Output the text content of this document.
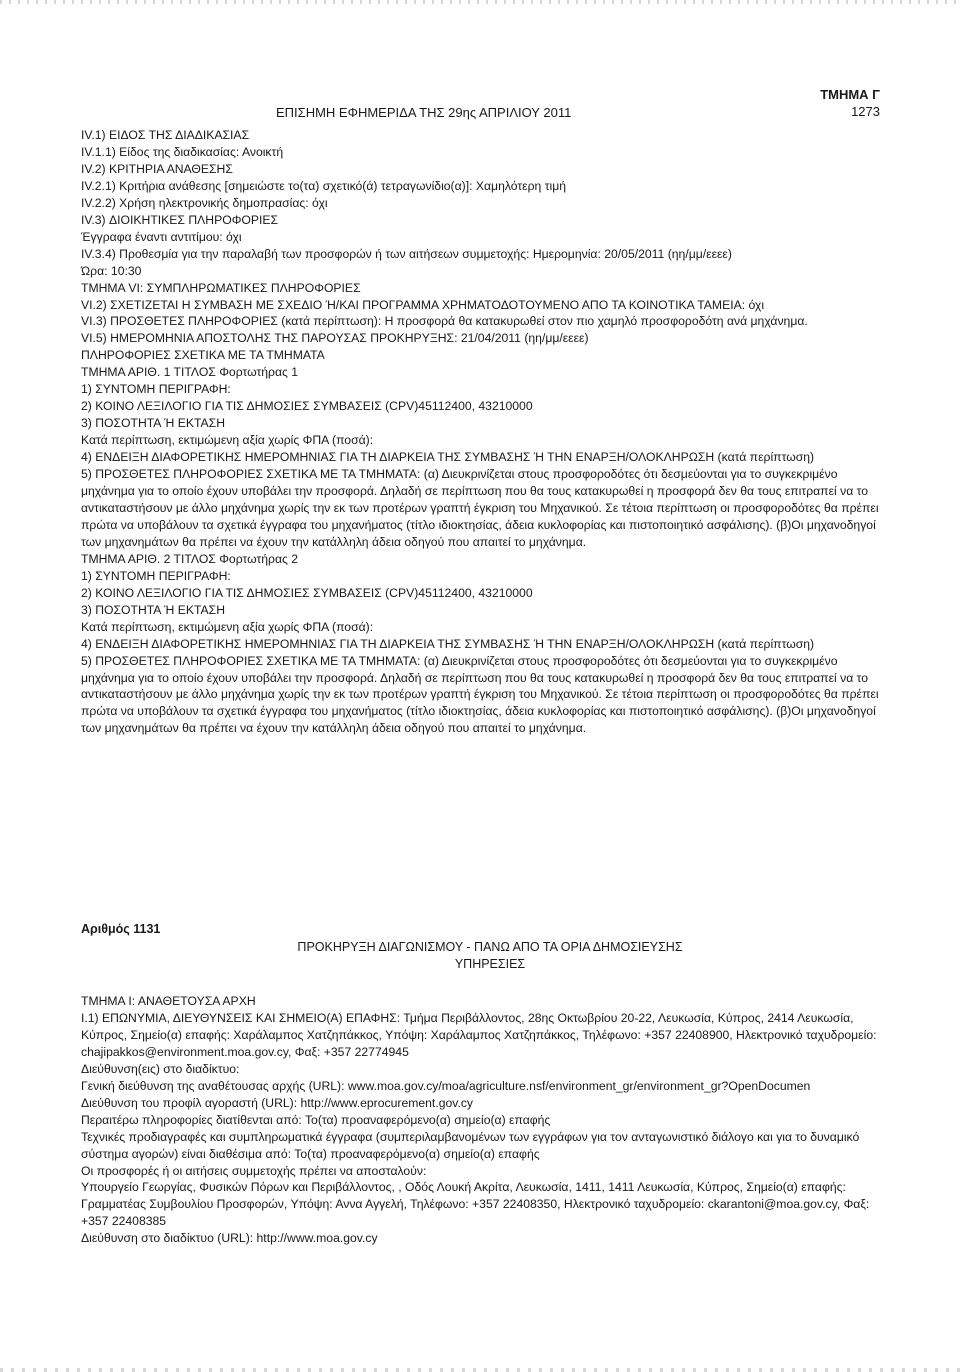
ΤΜΗΜΑ Γ
1273
ΕΠΙΣΗΜΗ ΕΦΗΜΕΡΙΔΑ ΤΗΣ 29ης ΑΠΡΙΛΙΟΥ 2011
IV.1) ΕΙΔΟΣ ΤΗΣ ΔΙΑΔΙΚΑΣΙΑΣ
IV.1.1) Είδος της διαδικασίας: Ανοικτή
IV.2) ΚΡΙΤΗΡΙΑ ΑΝΑΘΕΣΗΣ
IV.2.1) Κριτήρια ανάθεσης [σημειώστε το(τα) σχετικό(ά) τετραγωνίδιο(α)]: Χαμηλότερη τιμή
IV.2.2) Χρήση ηλεκτρονικής δημοπρασίας: όχι
IV.3) ΔΙΟΙΚΗΤΙΚΕΣ ΠΛΗΡΟΦΟΡΙΕΣ
Έγγραφα έναντι αντιτίμου: όχι
IV.3.4) Προθεσμία για την παραλαβή των προσφορών ή των αιτήσεων συμμετοχής: Ημερομηνία: 20/05/2011 (ηη/μμ/εεεε)
Ώρα: 10:30
ΤΜΗΜΑ VI: ΣΥΜΠΛΗΡΩΜΑΤΙΚΕΣ ΠΛΗΡΟΦΟΡΙΕΣ
VI.2) ΣΧΕΤΙΖΕΤΑΙ Η ΣΥΜΒΑΣΗ ΜΕ ΣΧΕΔΙΟ Ή/ΚΑΙ ΠΡΟΓΡΑΜΜΑ ΧΡΗΜΑΤΟΔΟΤΟΥΜΕΝΟ ΑΠΟ ΤΑ ΚΟΙΝΟΤΙΚΑ ΤΑΜΕΙΑ: όχι
VI.3) ΠΡΟΣΘΕΤΕΣ ΠΛΗΡΟΦΟΡΙΕΣ (κατά περίπτωση): Η προσφορά θα κατακυρωθεί στον πιο χαμηλό προσφοροδότη ανά μηχάνημα.
VI.5) ΗΜΕΡΟΜΗΝΙΑ ΑΠΟΣΤΟΛΗΣ ΤΗΣ ΠΑΡΟΥΣΑΣ ΠΡΟΚΗΡΥΞΗΣ: 21/04/2011 (ηη/μμ/εεεε)
ΠΛΗΡΟΦΟΡΙΕΣ ΣΧΕΤΙΚΑ ΜΕ ΤΑ ΤΜΗΜΑΤΑ
ΤΜΗΜΑ ΑΡΙΘ. 1 ΤΙΤΛΟΣ Φορτωτήρας 1
1) ΣΥΝΤΟΜΗ ΠΕΡΙΓΡΑΦΗ:
2) ΚΟΙΝΟ ΛΕΞΙΛΟΓΙΟ ΓΙΑ ΤΙΣ ΔΗΜΟΣΙΕΣ ΣΥΜΒΑΣΕΙΣ (CPV)45112400, 43210000
3) ΠΟΣΟΤΗΤΑ Ή ΕΚΤΑΣΗ
Κατά περίπτωση, εκτιμώμενη αξία χωρίς ΦΠΑ (ποσά):
4) ΕΝΔΕΙΞΗ ΔΙΑΦΟΡΕΤΙΚΗΣ ΗΜΕΡΟΜΗΝΙΑΣ ΓΙΑ ΤΗ ΔΙΑΡΚΕΙΑ ΤΗΣ ΣΥΜΒΑΣΗΣ Ή ΤΗΝ ΕΝΑΡΞΗ/ΟΛΟΚΛΗΡΩΣΗ (κατά περίπτωση)
5) ΠΡΟΣΘΕΤΕΣ ΠΛΗΡΟΦΟΡΙΕΣ ΣΧΕΤΙΚΑ ΜΕ ΤΑ ΤΜΗΜΑΤΑ: (α) Διευκρινίζεται στους προσφοροδότες ότι δεσμεύονται για το συγκεκριμένο μηχάνημα για το οποίο έχουν υποβάλει την προσφορά. Δηλαδή σε περίπτωση που θα τους κατακυρωθεί η προσφορά δεν θα τους επιτραπεί να το αντικαταστήσουν με άλλο μηχάνημα χωρίς την εκ των προτέρων γραπτή έγκριση του Μηχανικού. Σε τέτοια περίπτωση οι προσφοροδότες θα πρέπει πρώτα να υποβάλουν τα σχετικά έγγραφα του μηχανήματος (τίτλο ιδιοκτησίας, άδεια κυκλοφορίας και πιστοποιητικό ασφάλισης). (β)Οι μηχανοδηγοί των μηχανημάτων θα πρέπει να έχουν την κατάλληλη άδεια οδηγού που απαιτεί το μηχάνημα.
ΤΜΗΜΑ ΑΡΙΘ. 2 ΤΙΤΛΟΣ Φορτωτήρας 2
1) ΣΥΝΤΟΜΗ ΠΕΡΙΓΡΑΦΗ:
2) ΚΟΙΝΟ ΛΕΞΙΛΟΓΙΟ ΓΙΑ ΤΙΣ ΔΗΜΟΣΙΕΣ ΣΥΜΒΑΣΕΙΣ (CPV)45112400, 43210000
3) ΠΟΣΟΤΗΤΑ Ή ΕΚΤΑΣΗ
Κατά περίπτωση, εκτιμώμενη αξία χωρίς ΦΠΑ (ποσά):
4) ΕΝΔΕΙΞΗ ΔΙΑΦΟΡΕΤΙΚΗΣ ΗΜΕΡΟΜΗΝΙΑΣ ΓΙΑ ΤΗ ΔΙΑΡΚΕΙΑ ΤΗΣ ΣΥΜΒΑΣΗΣ Ή ΤΗΝ ΕΝΑΡΞΗ/ΟΛΟΚΛΗΡΩΣΗ (κατά περίπτωση)
5) ΠΡΟΣΘΕΤΕΣ ΠΛΗΡΟΦΟΡΙΕΣ ΣΧΕΤΙΚΑ ΜΕ ΤΑ ΤΜΗΜΑΤΑ: (α) Διευκρινίζεται στους προσφοροδότες ότι δεσμεύονται για το συγκεκριμένο μηχάνημα για το οποίο έχουν υποβάλει την προσφορά. Δηλαδή σε περίπτωση που θα τους κατακυρωθεί η προσφορά δεν θα τους επιτραπεί να το αντικαταστήσουν με άλλο μηχάνημα χωρίς την εκ των προτέρων γραπτή έγκριση του Μηχανικού. Σε τέτοια περίπτωση οι προσφοροδότες θα πρέπει πρώτα να υποβάλουν τα σχετικά έγγραφα του μηχανήματος (τίτλο ιδιοκτησίας, άδεια κυκλοφορίας και πιστοποιητικό ασφάλισης). (β)Οι μηχανοδηγοί των μηχανημάτων θα πρέπει να έχουν την κατάλληλη άδεια οδηγού που απαιτεί το μηχάνημα.
Αριθμός 1131
ΠΡΟΚΗΡΥΞΗ ΔΙΑΓΩΝΙΣΜΟΥ - ΠΑΝΩ ΑΠΟ ΤΑ ΟΡΙΑ ΔΗΜΟΣΙΕΥΣΗΣ
ΥΠΗΡΕΣΙΕΣ
ΤΜΗΜΑ Ι: ΑΝΑΘΕΤΟΥΣΑ ΑΡΧΗ
I.1) ΕΠΩΝΥΜΙΑ, ΔΙΕΥΘΥΝΣΕΙΣ ΚΑΙ ΣΗΜΕΙΟ(Α) ΕΠΑΦΗΣ: Τμήμα Περιβάλλοντος, 28ης Οκτωβρίου 20-22, Λευκωσία, Κύπρος, 2414 Λευκωσία, Κύπρος, Σημείο(α) επαφής: Χαράλαμπος Χατζηπάκκος, Υπόψη: Χαράλαμπος Χατζηπάκκος, Τηλέφωνο: +357 22408900, Ηλεκτρονικό ταχυδρομείο: chajipakkos@environment.moa.gov.cy, Φαξ: +357 22774945
Διεύθυνση(εις) στο διαδίκτυο:
Γενική διεύθυνση της αναθέτουσας αρχής (URL): www.moa.gov.cy/moa/agriculture.nsf/environment_gr/environment_gr?OpenDocumen
Διεύθυνση του προφίλ αγοραστή (URL): http://www.eprocurement.gov.cy
Περαιτέρω πληροφορίες διατίθενται από: Το(τα) προαναφερόμενο(α) σημείο(α) επαφής
Τεχνικές προδιαγραφές και συμπληρωματικά έγγραφα (συμπεριλαμβανομένων των εγγράφων για τον ανταγωνιστικό διάλογο και για το δυναμικό σύστημα αγορών) είναι διαθέσιμα από: Το(τα) προαναφερόμενο(α) σημείο(α) επαφής
Οι προσφορές ή οι αιτήσεις συμμετοχής πρέπει να αποσταλούν:
Υπουργείο Γεωργίας, Φυσικών Πόρων και Περιβάλλοντος, , Οδός Λουκή Ακρίτα, Λευκωσία, 1411, 1411 Λευκωσία, Κύπρος, Σημείο(α) επαφής: Γραμματέας Συμβουλίου Προσφορών, Υπόψη: Αννα Αγγελή, Τηλέφωνο: +357 22408350, Ηλεκτρονικό ταχυδρομείο: ckarantoni@moa.gov.cy, Φαξ: +357 22408385
Διεύθυνση στο διαδίκτυο (URL): http://www.moa.gov.cy
